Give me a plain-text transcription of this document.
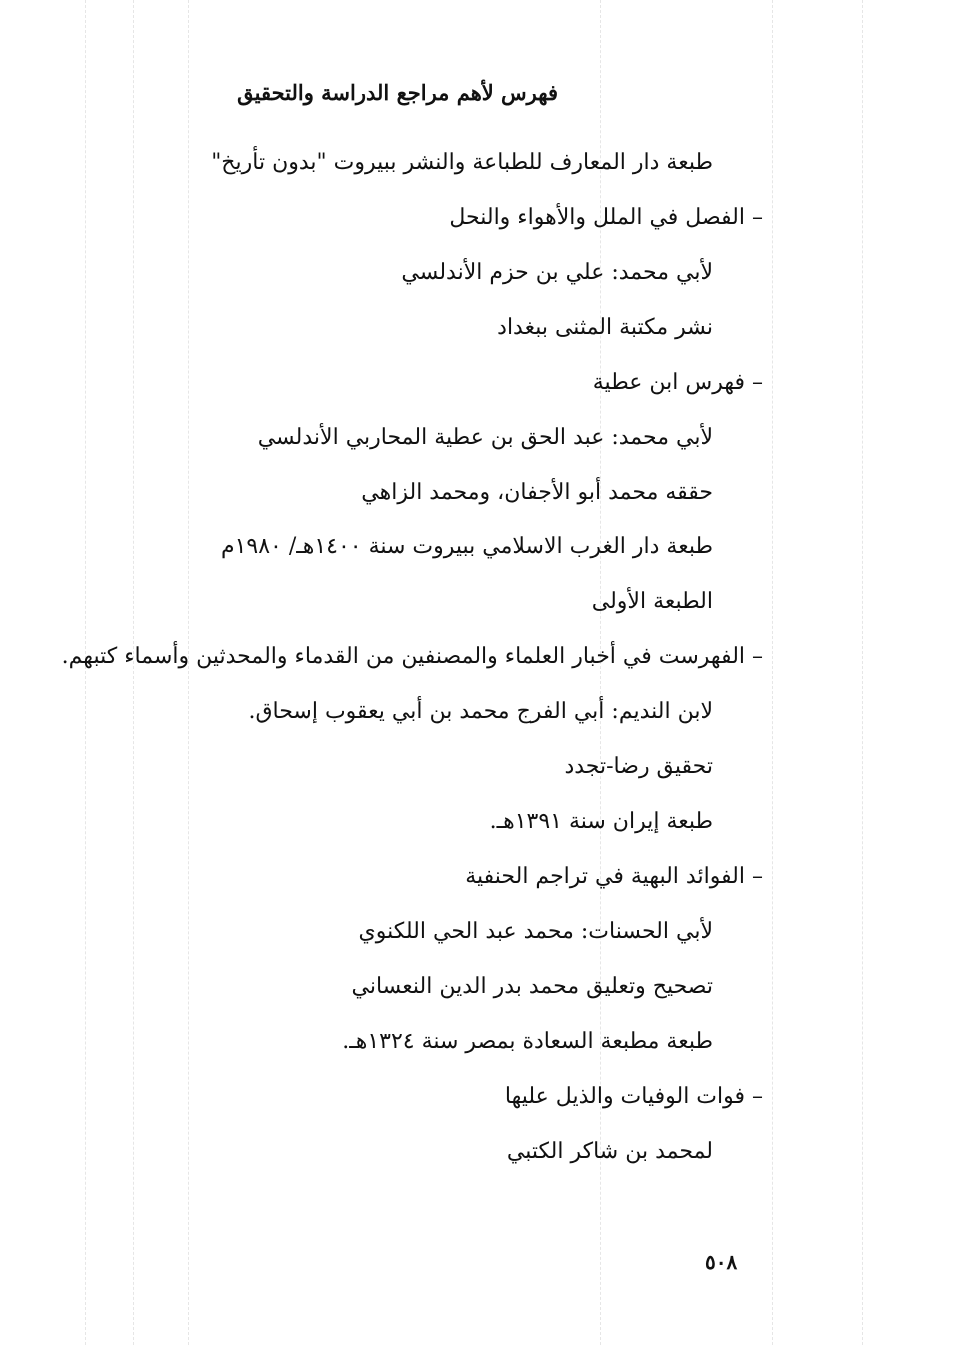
فهرس لأهم مراجع الدراسة والتحقيق
طبعة دار المعارف للطباعة والنشر ببيروت "بدون تأريخ"
– الفصل في الملل والأهواء والنحل
لأبي محمد: علي بن حزم الأندلسي
نشر مكتبة المثنى ببغداد
– فهرس ابن عطية
لأبي محمد: عبد الحق بن عطية المحاربي الأندلسي
حققه محمد أبو الأجفان، ومحمد الزاهي
طبعة دار الغرب الاسلامي ببيروت سنة ١٤٠٠هـ/ ١٩٨٠م
الطبعة الأولى
– الفهرست في أخبار العلماء والمصنفين من القدماء والمحدثين وأسماء كتبهم.
لابن النديم: أبي الفرج محمد بن أبي يعقوب إسحاق.
تحقيق رضا-تجدد
طبعة إيران سنة ١٣٩١هـ.
– الفوائد البهية في تراجم الحنفية
لأبي الحسنات: محمد عبد الحي اللكنوي
تصحيح وتعليق محمد بدر الدين النعساني
طبعة مطبعة السعادة بمصر سنة ١٣٢٤هـ.
– فوات الوفيات والذيل عليها
لمحمد بن شاكر الكتبي
٥٠٨
